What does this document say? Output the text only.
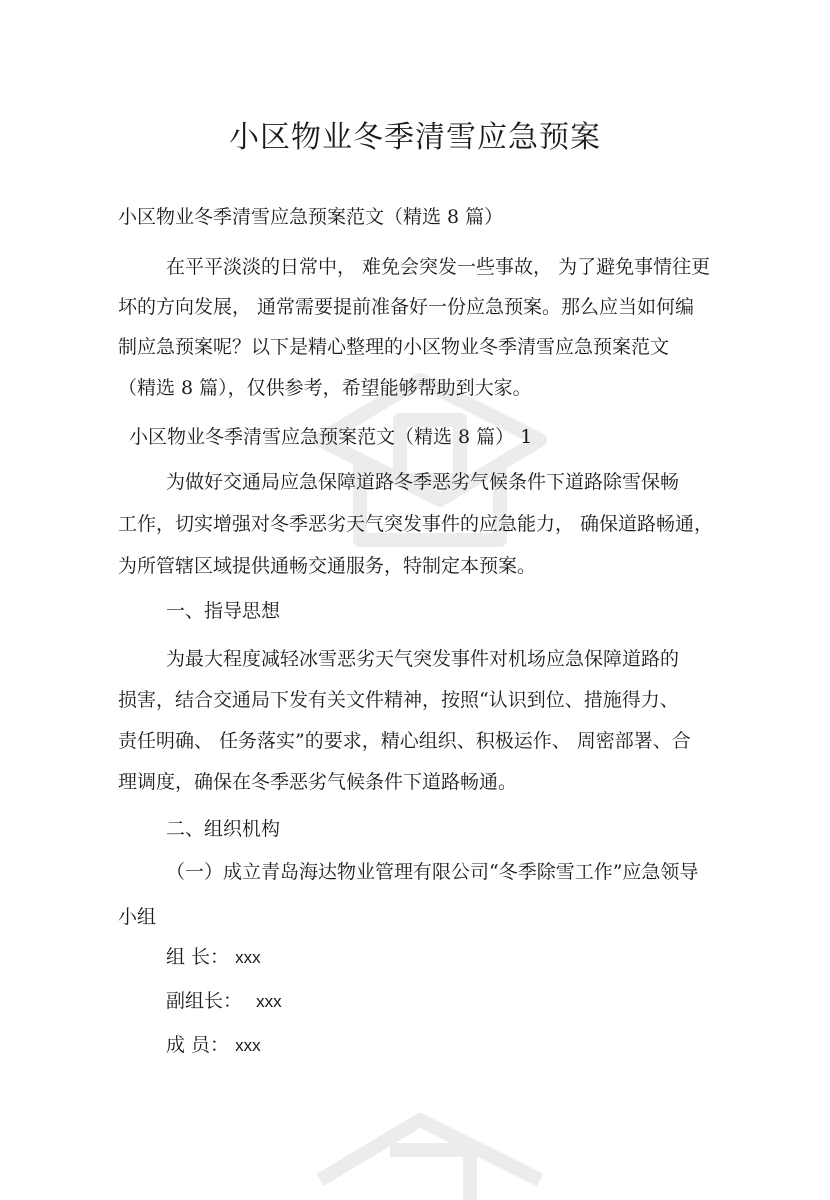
小区物业冬季清雪应急预案
小区物业冬季清雪应急预案范文（精选 8 篇）
在平平淡淡的日常中， 难免会突发一些事故， 为了避免事情往更
坏的方向发展， 通常需要提前准备好一份应急预案。那么应当如何编
制应急预案呢？以下是精心整理的小区物业冬季清雪应急预案范文
（精选 8 篇），仅供参考，希望能够帮助到大家。
小区物业冬季清雪应急预案范文（精选 8 篇） 1
为做好交通局应急保障道路冬季恶劣气候条件下道路除雪保畅
工作，切实增强对冬季恶劣天气突发事件的应急能力， 确保道路畅通，
为所管辖区域提供通畅交通服务，特制定本预案。
一、指导思想
为最大程度减轻冰雪恶劣天气突发事件对机场应急保障道路的
损害，结合交通局下发有关文件精神，按照“认识到位、措施得力、
责任明确、 任务落实”的要求，精心组织、积极运作、 周密部署、合
理调度，确保在冬季恶劣气候条件下道路畅通。
二、组织机构
（一）成立青岛海达物业管理有限公司“冬季除雪工作”应急领导
小组
组 长： xxx
副组长： xxx
成 员： xxx
